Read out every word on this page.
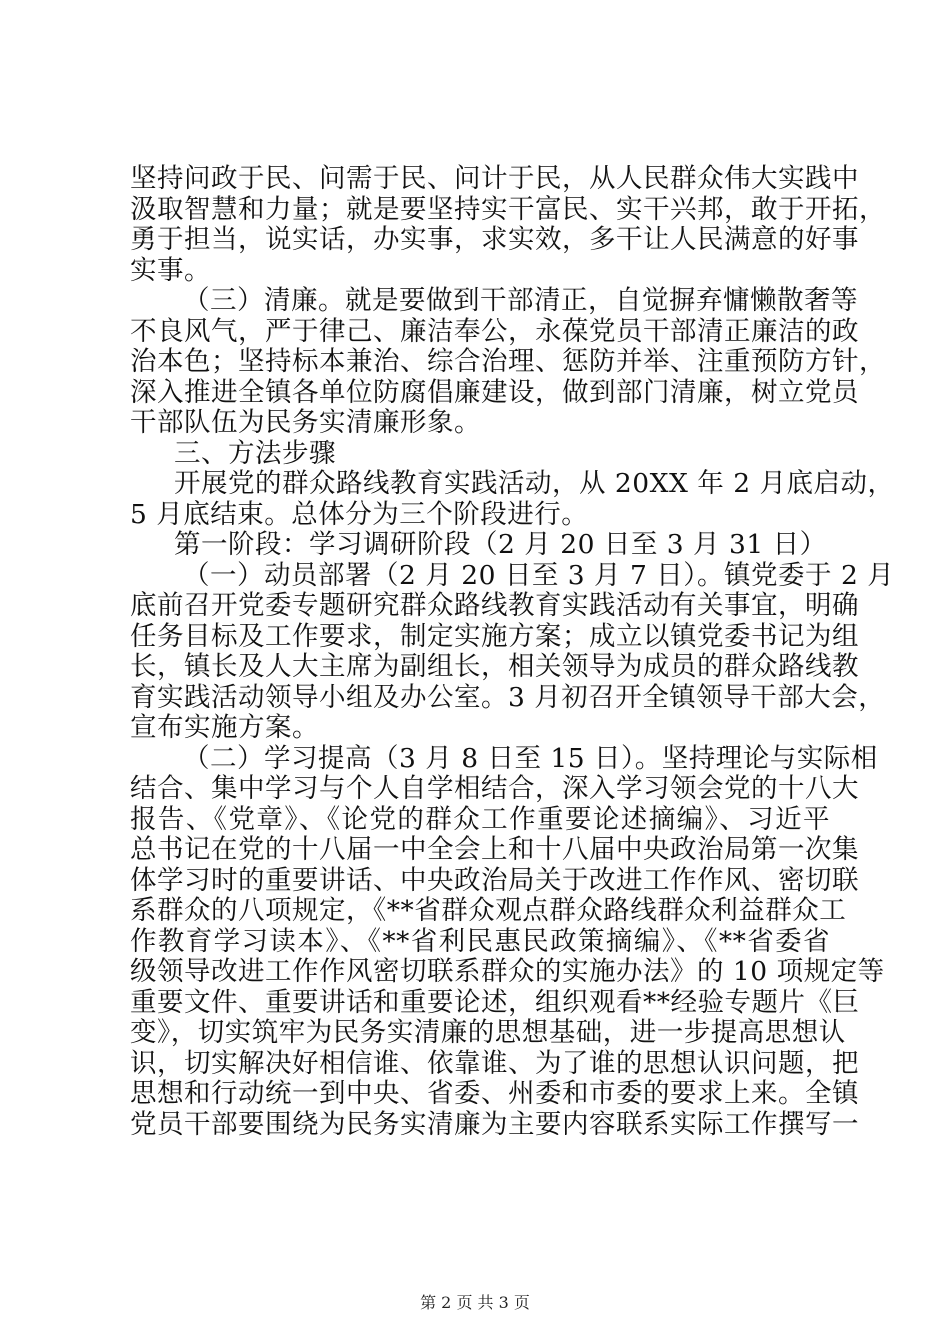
坚持问政于民、问需于民、问计于民，从人民群众伟大实践中
汲取智慧和力量；就是要坚持实干富民、实干兴邦，敢于开拓，
勇于担当，说实话，办实事，求实效，多干让人民满意的好事
实事。
（三）清廉。就是要做到干部清正，自觉摒弃慵懒散奢等
不良风气，严于律己、廉洁奉公，永葆党员干部清正廉洁的政
治本色；坚持标本兼治、综合治理、惩防并举、注重预防方针，
深入推进全镇各单位防腐倡廉建设，做到部门清廉，树立党员
干部队伍为民务实清廉形象。
三、方法步骤
开展党的群众路线教育实践活动，从 20XX 年 2 月底启动，
5 月底结束。总体分为三个阶段进行。
第一阶段：学习调研阶段（2 月 20 日至 3 月 31 日）
（一）动员部署（2 月 20 日至 3 月 7 日）。镇党委于 2 月
底前召开党委专题研究群众路线教育实践活动有关事宜，明确
任务目标及工作要求，制定实施方案；成立以镇党委书记为组
长，镇长及人大主席为副组长，相关领导为成员的群众路线教
育实践活动领导小组及办公室。3 月初召开全镇领导干部大会，
宣布实施方案。
（二）学习提高（3 月 8 日至 15 日）。坚持理论与实际相
结合、集中学习与个人自学相结合，深入学习领会党的十八大
报告、《党章》、《论党的群众工作重要论述摘编》、习近平
总书记在党的十八届一中全会上和十八届中央政治局第一次集
体学习时的重要讲话、中央政治局关于改进工作作风、密切联
系群众的八项规定，《**省群众观点群众路线群众利益群众工
作教育学习读本》、《**省利民惠民政策摘编》、《**省委省
级领导改进工作作风密切联系群众的实施办法》的 10 项规定等
重要文件、重要讲话和重要论述，组织观看**经验专题片《巨
变》，切实筑牢为民务实清廉的思想基础，进一步提高思想认
识，切实解决好相信谁、依靠谁、为了谁的思想认识问题，把
思想和行动统一到中央、省委、州委和市委的要求上来。全镇
党员干部要围绕为民务实清廉为主要内容联系实际工作撰写一
第 2 页 共 3 页
